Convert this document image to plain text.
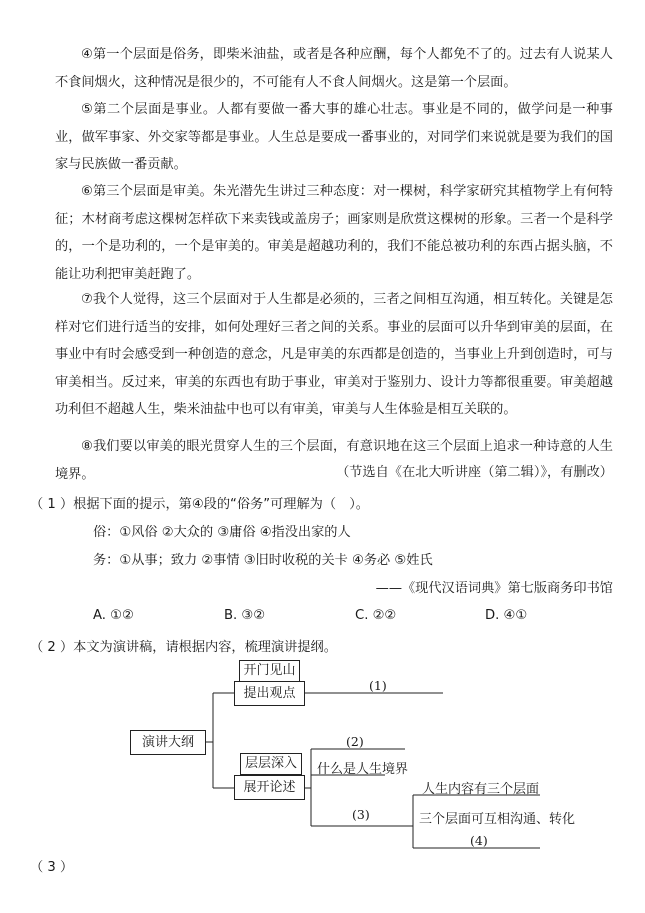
④第一个层面是俗务，即柴米油盐，或者是各种应酬，每个人都免不了的。过去有人说某人不食间烟火，这种情况是很少的，不可能有人不食人间烟火。这是第一个层面。

⑤第二个层面是事业。人都有要做一番大事的雄心壮志。事业是不同的，做学问是一种事业，做军事家、外交家等都是事业。人生总是要成一番事业的，对同学们来说就是要为我们的国家与民族做一番贡献。

⑥第三个层面是审美。朱光潜先生讲过三种态度：对一棵树，科学家研究其植物学上有何特征；木材商考虑这棵树怎样砍下来卖钱或盖房子；画家则是欣赏这棵树的形象。三者一个是科学的，一个是功利的，一个是审美的。审美是超越功利的，我们不能总被功利的东西占据头脑，不能让功利把审美赶跑了。

⑦我个人觉得，这三个层面对于人生都是必须的，三者之间相互沟通，相互转化。关键是怎样对它们进行适当的安排，如何处理好三者之间的关系。事业的层面可以升华到审美的层面，在事业中有时会感受到一种创造的意念，凡是审美的东西都是创造的，当事业上升到创造时，可与审美相当。反过来，审美的东西也有助于事业，审美对于鉴别力、设计力等都很重要。审美超越功利但不超越人生，柴米油盐中也可以有审美，审美与人生体验是相互关联的。

⑧我们要以审美的眼光贯穿人生的三个层面，有意识地在这三个层面上追求一种诗意的人生境界。	（节选自《在北大听讲座（第二辑）》，有删改）

（ 1 ）根据下面的提示，第④段的“俗务”可理解为（　）。

俗：①风俗 ②大众的 ③庸俗 ④指没出家的人

务：①从事；致力 ②事情 ③旧时收税的关卡 ④务必 ⑤姓氏

——《现代汉语词典》第七版商务印书馆

A. ①②	B. ③②	C. ②②	D. ④①

（ 2 ）本文为演讲稿，请根据内容，梳理演讲提纲。

演讲大纲
开门见山
提出观点
(1)
层层深入
展开论述
(2)
什么是人生境界
(3)
人生内容有三个层面
三个层面可互相沟通、转化
(4)

（ 3 ）
